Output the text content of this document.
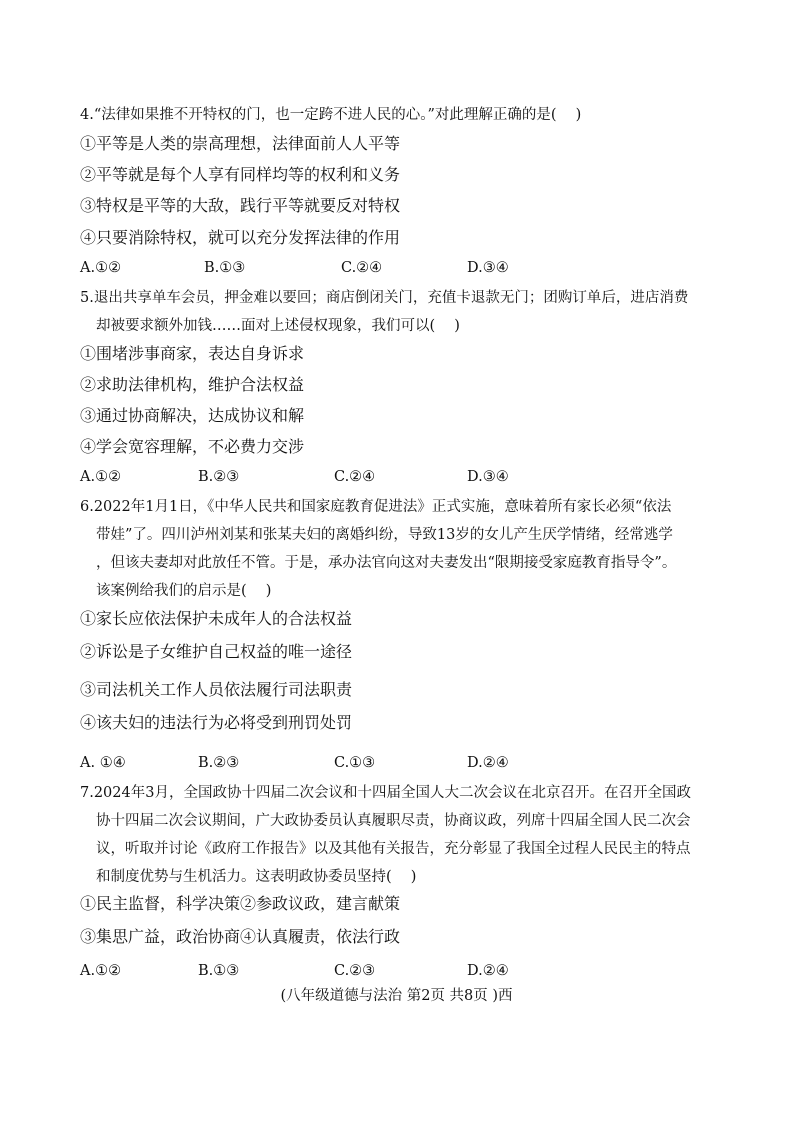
4.“法律如果推不开特权的门，也一定跨不进人民的心。”对此理解正确的是(　 )

①平等是人类的崇高理想，法律面前人人平等
②平等就是每个人享有同样均等的权利和义务
③特权是平等的大敌，践行平等就要反对特权
④只要消除特权，就可以充分发挥法律的作用
A.①②	B.①③	C.②④	D.③④

5.退出共享单车会员，押金难以要回；商店倒闭关门，充值卡退款无门；团购订单后，进店消费

却被要求额外加钱……面对上述侵权现象，我们可以(　 )

①围堵涉事商家，表达自身诉求
②求助法律机构，维护合法权益
③通过协商解决，达成协议和解
④学会宽容理解，不必费力交涉
A.①②	B.②③	C.②④	D.③④

6.2022年1月1日，《中华人民共和国家庭教育促进法》正式实施，意味着所有家长必须“依法

带娃”了。四川泸州刘某和张某夫妇的离婚纠纷，导致13岁的女儿产生厌学情绪，经常逃学

，但该夫妻却对此放任不管。于是，承办法官向这对夫妻发出“限期接受家庭教育指导令”。

该案例给我们的启示是(　 )

①家长应依法保护未成年人的合法权益
②诉讼是子女维护自己权益的唯一途径
③司法机关工作人员依法履行司法职责
④该夫妇的违法行为必将受到刑罚处罚
A. ①④	B.②③	C.①③	D.②④

7.2024年3月，全国政协十四届二次会议和十四届全国人大二次会议在北京召开。在召开全国政

协十四届二次会议期间，广大政协委员认真履职尽责，协商议政，列席十四届全国人民二次会

议，听取并讨论《政府工作报告》以及其他有关报告，充分彰显了我国全过程人民民主的特点

和制度优势与生机活力。这表明政协委员坚持(　 )

①民主监督，科学决策②参政议政，建言献策
③集思广益，政治协商④认真履责，依法行政
A.①②	B.①③	C.②③	D.②④
(八年级道德与法治 第2页 共8页 )西
